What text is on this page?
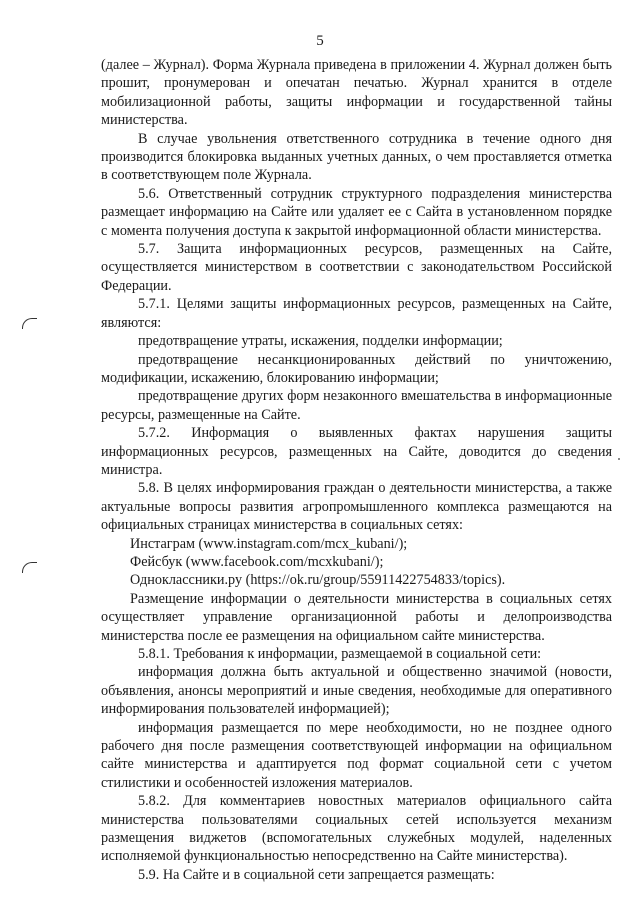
5

(далее – Журнал). Форма Журнала приведена в приложении 4. Журнал должен быть прошит, пронумерован и опечатан печатью. Журнал хранится в отделе мобилизационной работы, защиты информации и государственной тайны министерства.

В случае увольнения ответственного сотрудника в течение одного дня производится блокировка выданных учетных данных, о чем проставляется отметка в соответствующем поле Журнала.

5.6. Ответственный сотрудник структурного подразделения министерства размещает информацию на Сайте или удаляет ее с Сайта в установленном порядке с момента получения доступа к закрытой информационной области министерства.

5.7. Защита информационных ресурсов, размещенных на Сайте, осуществляется министерством в соответствии с законодательством Российской Федерации.

5.7.1. Целями защиты информационных ресурсов, размещенных на Сайте, являются:

предотвращение утраты, искажения, подделки информации;

предотвращение несанкционированных действий по уничтожению, модификации, искажению, блокированию информации;

предотвращение других форм незаконного вмешательства в информационные ресурсы, размещенные на Сайте.

5.7.2. Информация о выявленных фактах нарушения защиты информационных ресурсов, размещенных на Сайте, доводится до сведения министра.

5.8. В целях информирования граждан о деятельности министерства, а также актуальные вопросы развития агропромышленного комплекса размещаются на официальных страницах министерства в социальных сетях:

Инстаграм (www.instagram.com/mcx_kubani/);

Фейсбук (www.facebook.com/mcxkubani/);

Одноклассники.ру (https://ok.ru/group/55911422754833/topics).

Размещение информации о деятельности министерства в социальных сетях осуществляет управление организационной работы и делопроизводства министерства после ее размещения на официальном сайте министерства.

5.8.1. Требования к информации, размещаемой в социальной сети:

информация должна быть актуальной и общественно значимой (новости, объявления, анонсы мероприятий и иные сведения, необходимые для оперативного информирования пользователей информацией);

информация размещается по мере необходимости, но не позднее одного рабочего дня после размещения соответствующей информации на официальном сайте министерства и адаптируется под формат социальной сети с учетом стилистики и особенностей изложения материалов.

5.8.2. Для комментариев новостных материалов официального сайта министерства пользователями социальных сетей используется механизм размещения виджетов (вспомогательных служебных модулей, наделенных исполняемой функциональностью непосредственно на Сайте министерства).

5.9. На Сайте и в социальной сети запрещается размещать:
